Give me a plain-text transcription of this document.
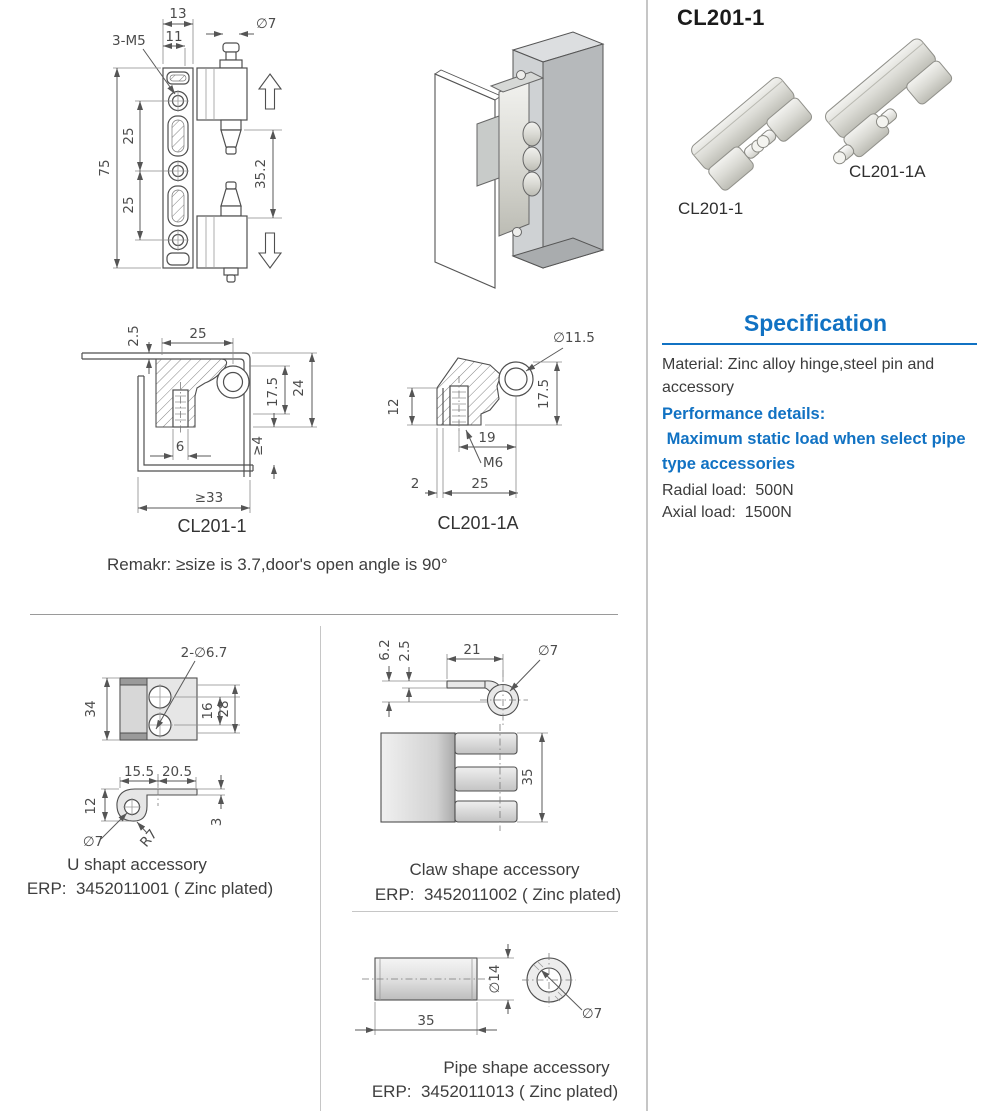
13
11
3-M5
∅7
75
25
25
35.2
2.5	25
17.5 24
6	≥4
≥33
CL201-1
∅11.5
12	17.5
19
M6
2	25
CL201-1A
Remakr: ≥size is 3.7,door's open angle is 90°
2-∅6.7
34	16 28
15.5 20.5
12
∅7	R7
3
U shapt accessory
ERP:  3452011001 ( Zinc plated)
6.2 2.5	21	∅7
35
Claw shape accessory
ERP:  3452011002 ( Zinc plated)
∅14
∅7
35
Pipe shape accessory
ERP:  3452011013 ( Zinc plated)
CL201-1
CL201-1
CL201-1A
Specification
Material: Zinc alloy hinge,steel pin and
accessory
Performance details:
Maximum static load when select pipe
type accessories
Radial load:  500N
Axial load:  1500N
